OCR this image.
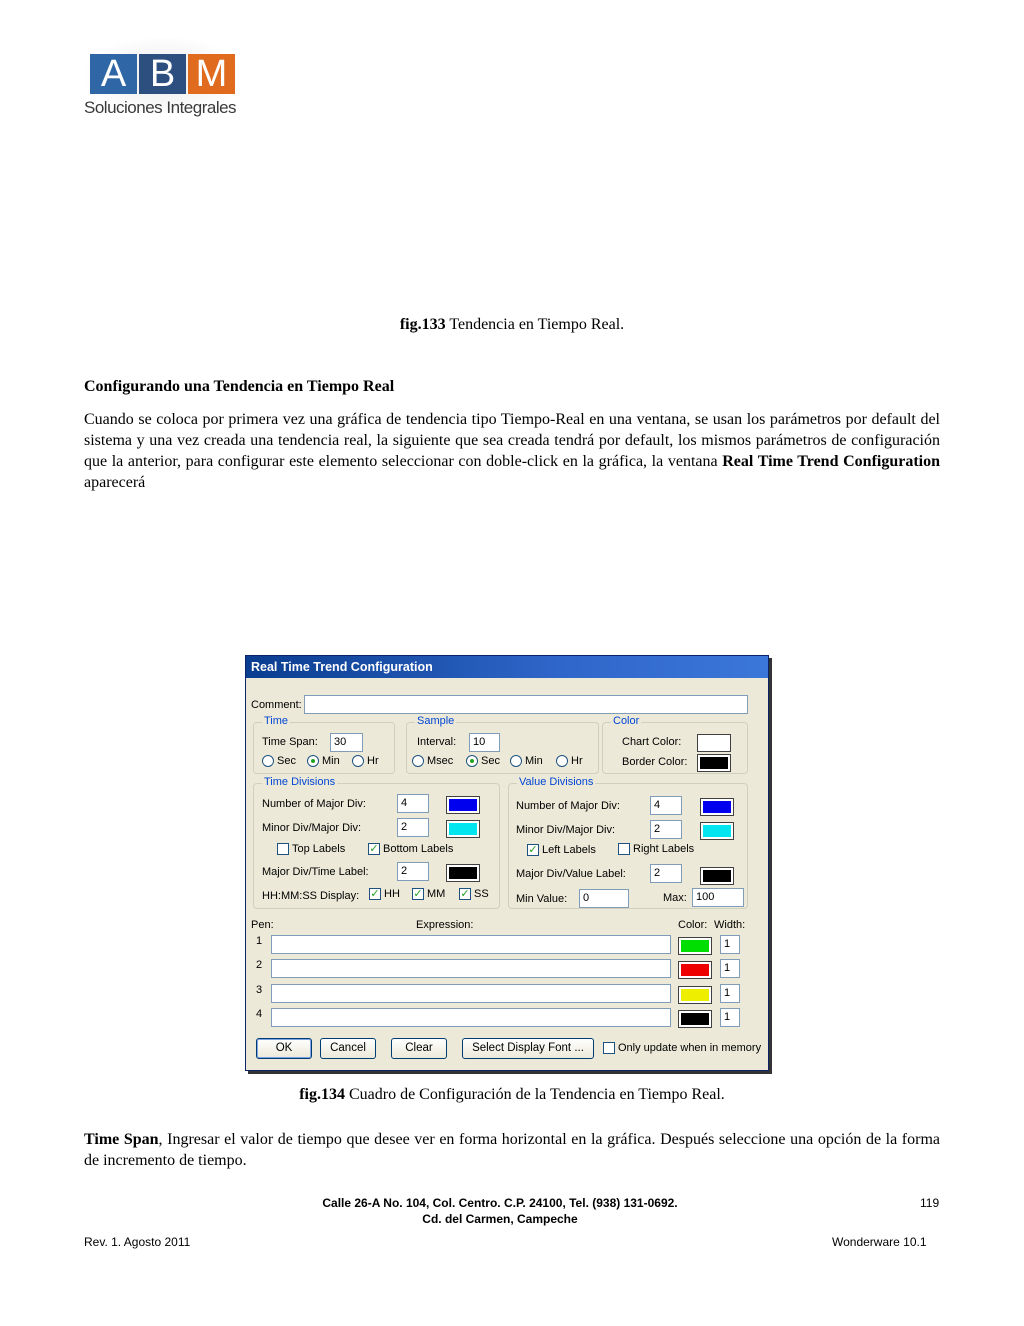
A B M
Soluciones Integrales
fig.133 Tendencia en Tiempo Real.
Configurando una Tendencia en Tiempo Real
Cuando se coloca por primera vez una gráfica de tendencia tipo Tiempo-Real en una ventana, se usan los parámetros por default del sistema y una vez creada una tendencia real, la siguiente que sea creada tendrá por default, los mismos parámetros de configuración que la anterior, para configurar este elemento seleccionar con doble-click en la gráfica, la ventana Real Time Trend Configuration aparecerá
Real Time Trend Configuration
Comment:
Time
Time Span:	30
Sec Min Hr
Sample
Interval:	10
Msec	Sec Min	Hr
Color
Chart Color:
Border Color:
Time Divisions
Number of Major Div:	4
Minor Div/Major Div:	2
Top Labels ✓ Bottom Labels
Major Div/Time Label:	2
HH:MM:SS Display: ✓ HH ✓ MM ✓ SS
Value Divisions
Number of Major Div:	4
Minor Div/Major Div:	2
✓ Left Labels	Right Labels
Major Div/Value Label:	2
Min Value:	0	Max: 100
Pen:	Expression:	Color: Width:
1	1
2	1
3	1
4	1
OK	Cancel	Clear	Select Display Font ...	Only update when in memory
fig.134 Cuadro de Configuración de la Tendencia en Tiempo Real.
Time Span, Ingresar el valor de tiempo que desee ver en forma horizontal en la gráfica. Después seleccione una opción de la forma de incremento de tiempo.
Calle 26-A No. 104, Col. Centro. C.P. 24100, Tel. (938) 131-0692.
Cd. del Carmen, Campeche
119
Rev. 1. Agosto 2011	Wonderware 10.1
